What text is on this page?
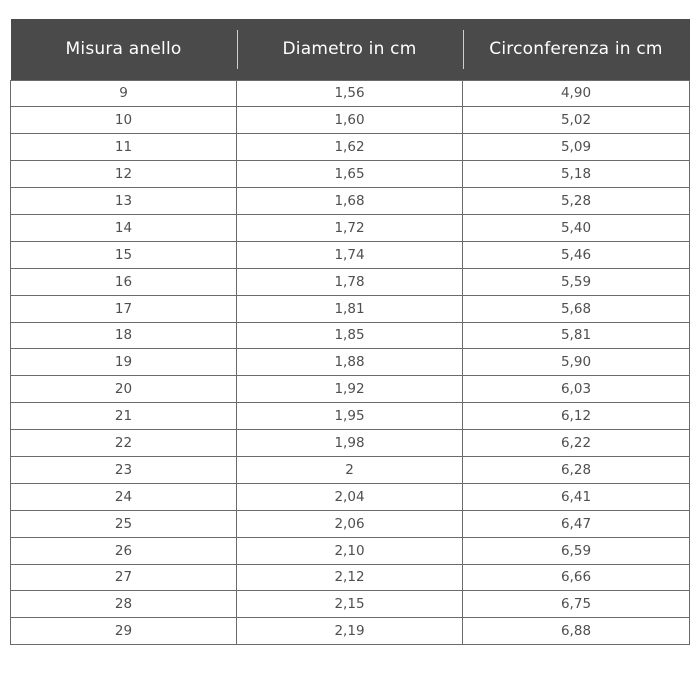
Misura anello	Diametro in cm	Circonferenza in cm
9	1,56	4,90
10	1,60	5,02
11	1,62	5,09
12	1,65	5,18
13	1,68	5,28
14	1,72	5,40
15	1,74	5,46
16	1,78	5,59
17	1,81	5,68
18	1,85	5,81
19	1,88	5,90
20	1,92	6,03
21	1,95	6,12
22	1,98	6,22
23	2	6,28
24	2,04	6,41
25	2,06	6,47
26	2,10	6,59
27	2,12	6,66
28	2,15	6,75
29	2,19	6,88
